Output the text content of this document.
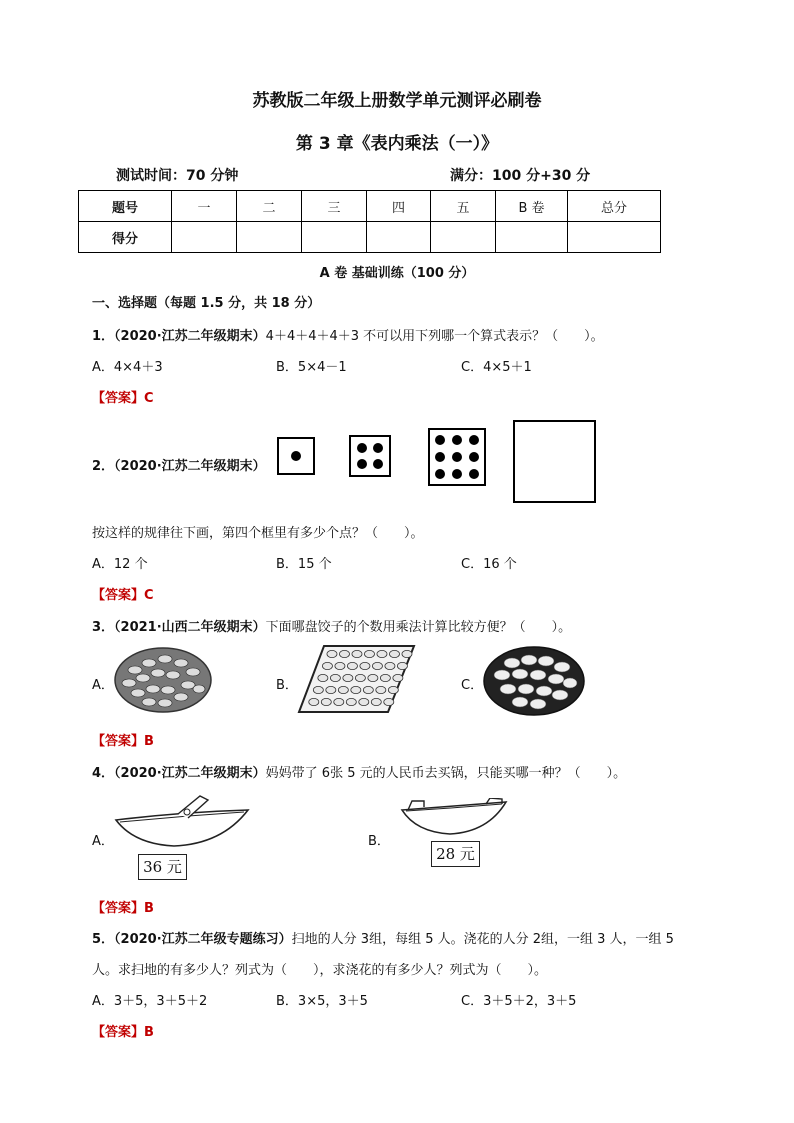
苏教版二年级上册数学单元测评必刷卷
第 3 章《表内乘法（一）》
测试时间：70 分钟	满分：100 分+30 分
题号	一	二	三	四	五	B 卷	总分
得分							
A 卷 基础训练（100 分）
一、选择题（每题 1.5 分，共 18 分）
1．（2020·江苏二年级期末）4＋4＋4＋4＋3 不可以用下列哪一个算式表示？（　　）。
A．4×4＋3	B．5×4－1	C．4×5＋1
【答案】C
2．（2020·江苏二年级期末）
按这样的规律往下画，第四个框里有多少个点？（　　）。
A．12 个	B．15 个	C．16 个
【答案】C
3．（2021·山西二年级期末）下面哪盘饺子的个数用乘法计算比较方便？（　　）。
A．	B．	C．
【答案】B
4．（2020·江苏二年级期末）妈妈带了 6张 5 元的人民币去买锅，只能买哪一种？（　　）。
A．	B．
36 元
28 元
【答案】B
5．（2020·江苏二年级专题练习）扫地的人分 3组，每组 5 人。浇花的人分 2组，一组 3 人，一组 5
人。求扫地的有多少人？列式为（　　），求浇花的有多少人？列式为（　　）。
A．3＋5，3＋5＋2	B．3×5，3＋5	C．3＋5＋2，3＋5
【答案】B
